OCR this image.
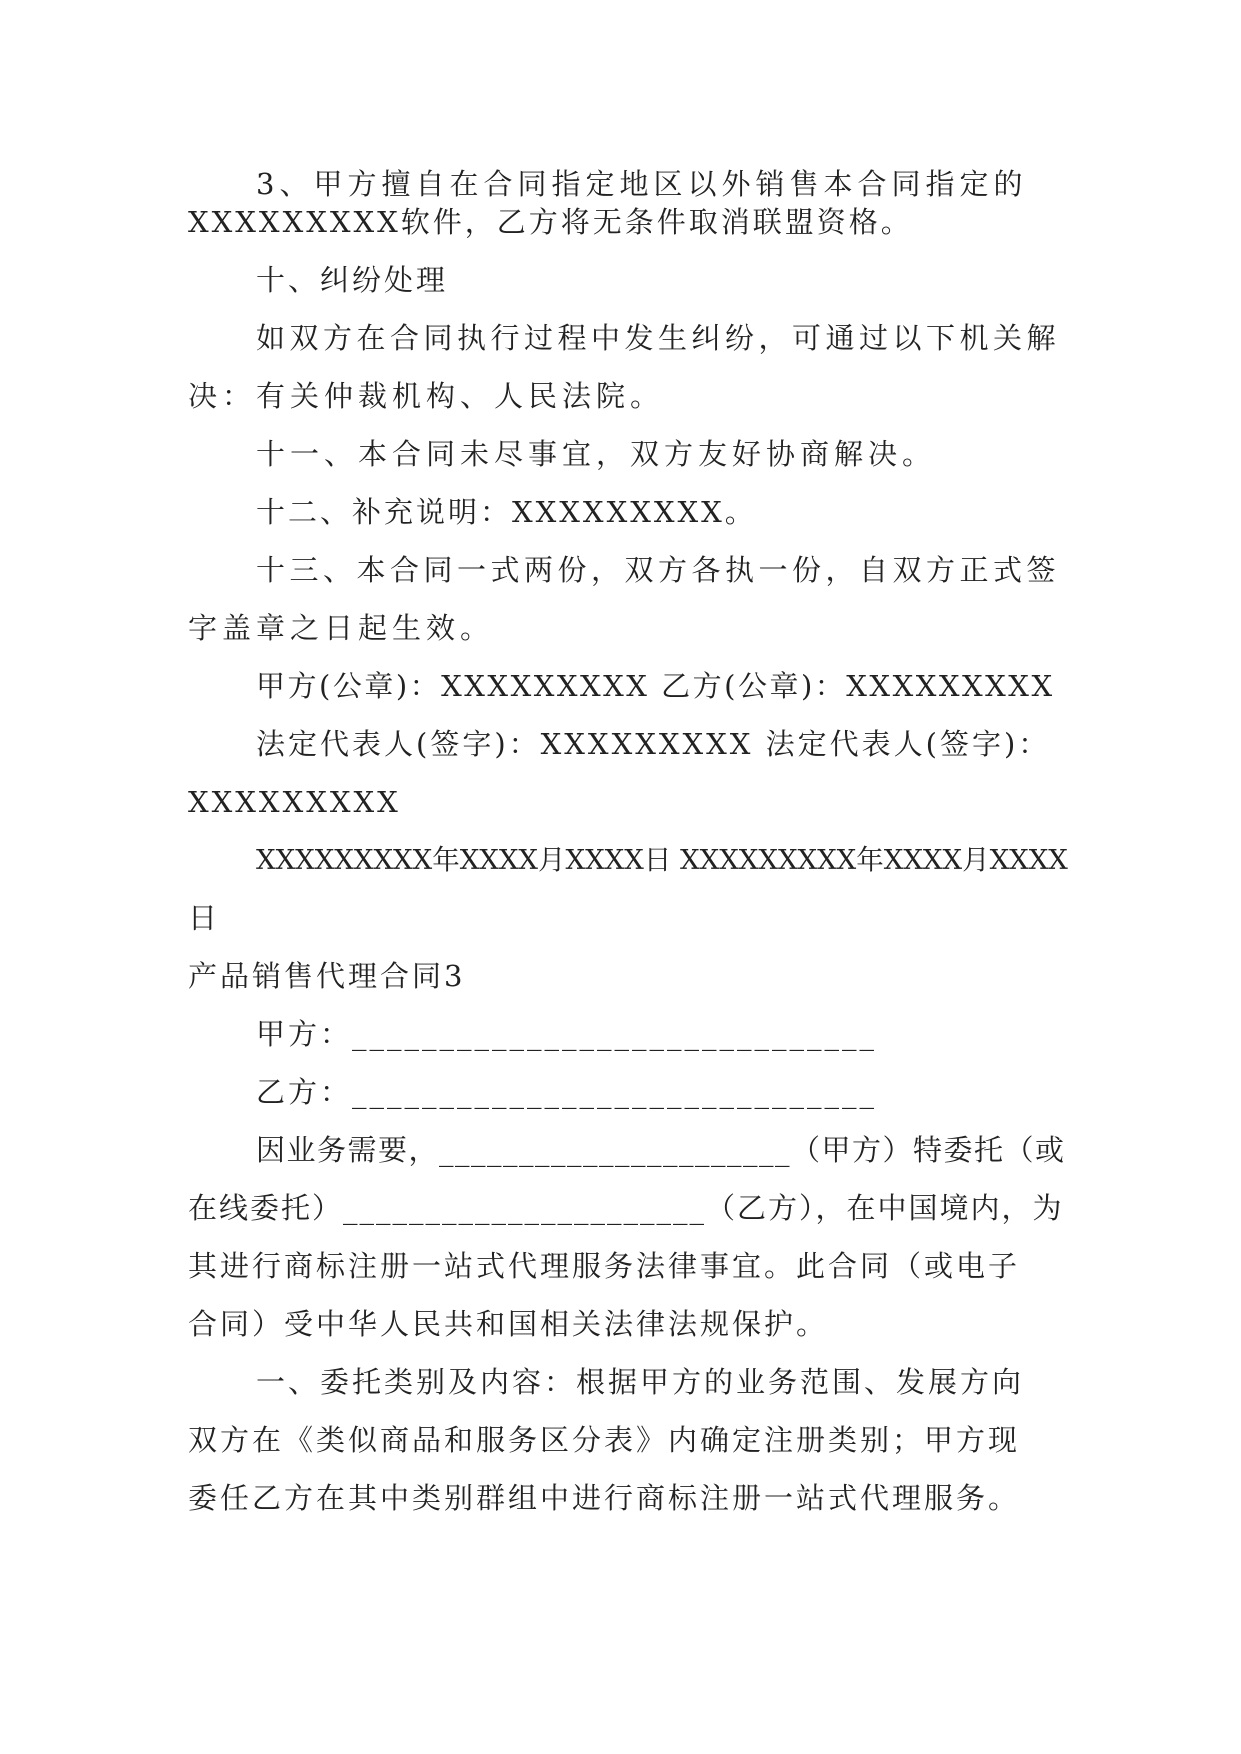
3、甲方擅自在合同指定地区以外销售本合同指定的
XXXXXXXXX软件，乙方将无条件取消联盟资格。
十、纠纷处理
如双方在合同执行过程中发生纠纷，可通过以下机关解
决：有关仲裁机构、人民法院。
十一、本合同未尽事宜，双方友好协商解决。
十二、补充说明：XXXXXXXXX。
十三、本合同一式两份，双方各执一份，自双方正式签
字盖章之日起生效。
甲方(公章)：XXXXXXXXX 乙方(公章)：XXXXXXXXX
法定代表人(签字)：XXXXXXXXX 法定代表人(签字)：
XXXXXXXXX
XXXXXXXXX年XXXX月XXXX日 XXXXXXXXX年XXXX月XXXX
日
产品销售代理合同3
甲方：______________________________
乙方：______________________________
因业务需要，______________________（甲方）特委托（或
在线委托）______________________（乙方），在中国境内，为
其进行商标注册一站式代理服务法律事宜。此合同（或电子
合同）受中华人民共和国相关法律法规保护。
一、委托类别及内容：根据甲方的业务范围、发展方向
双方在《类似商品和服务区分表》内确定注册类别；甲方现
委任乙方在其中类别群组中进行商标注册一站式代理服务。
